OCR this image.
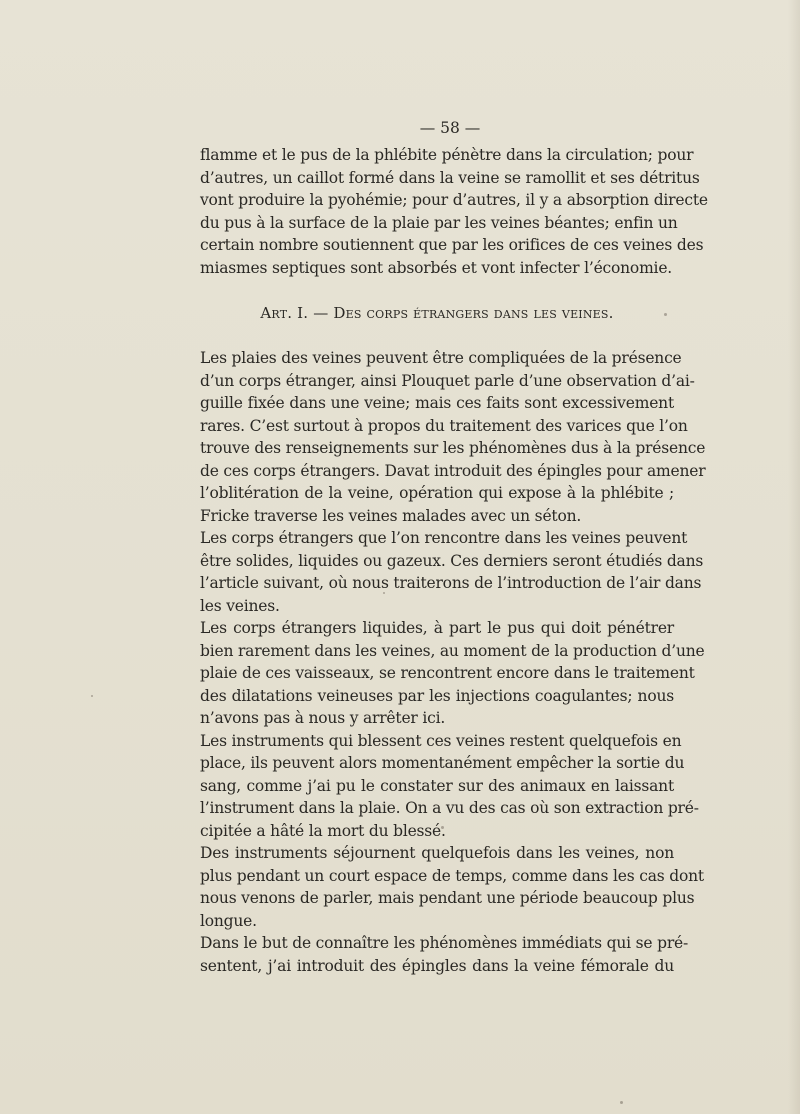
— 58 —
flamme et le pus de la phlébite pénètre dans la circulation; pour
d’autres, un caillot formé dans la veine se ramollit et ses détritus
vont produire la pyohémie; pour d’autres, il y a absorption directe
du pus à la surface de la plaie par les veines béantes; enfin un
certain nombre soutiennent que par les orifices de ces veines des
miasmes septiques sont absorbés et vont infecter l’économie.
Art. I. — Des corps étrangers dans les veines.
Les plaies des veines peuvent être compliquées de la présence
d’un corps étranger, ainsi Plouquet parle d’une observation d’ai-
guille fixée dans une veine; mais ces faits sont excessivement
rares. C’est surtout à propos du traitement des varices que l’on
trouve des renseignements sur les phénomènes dus à la présence
de ces corps étrangers. Davat introduit des épingles pour amener
l’oblitération de la veine, opération qui expose à la phlébite ;
Fricke traverse les veines malades avec un séton.
Les corps étrangers que l’on rencontre dans les veines peuvent
être solides, liquides ou gazeux. Ces derniers seront étudiés dans
l’article suivant, où nous traiterons de l’introduction de l’air dans
les veines.
Les corps étrangers liquides, à part le pus qui doit pénétrer
bien rarement dans les veines, au moment de la production d’une
plaie de ces vaisseaux, se rencontrent encore dans le traitement
des dilatations veineuses par les injections coagulantes; nous
n’avons pas à nous y arrêter ici.
Les instruments qui blessent ces veines restent quelquefois en
place, ils peuvent alors momentanément empêcher la sortie du
sang, comme j’ai pu le constater sur des animaux en laissant
l’instrument dans la plaie. On a vu des cas où son extraction pré-
cipitée a hâté la mort du blessé.
Des instruments séjournent quelquefois dans les veines, non
plus pendant un court espace de temps, comme dans les cas dont
nous venons de parler, mais pendant une période beaucoup plus
longue.
Dans le but de connaître les phénomènes immédiats qui se pré-
sentent, j’ai introduit des épingles dans la veine fémorale du
